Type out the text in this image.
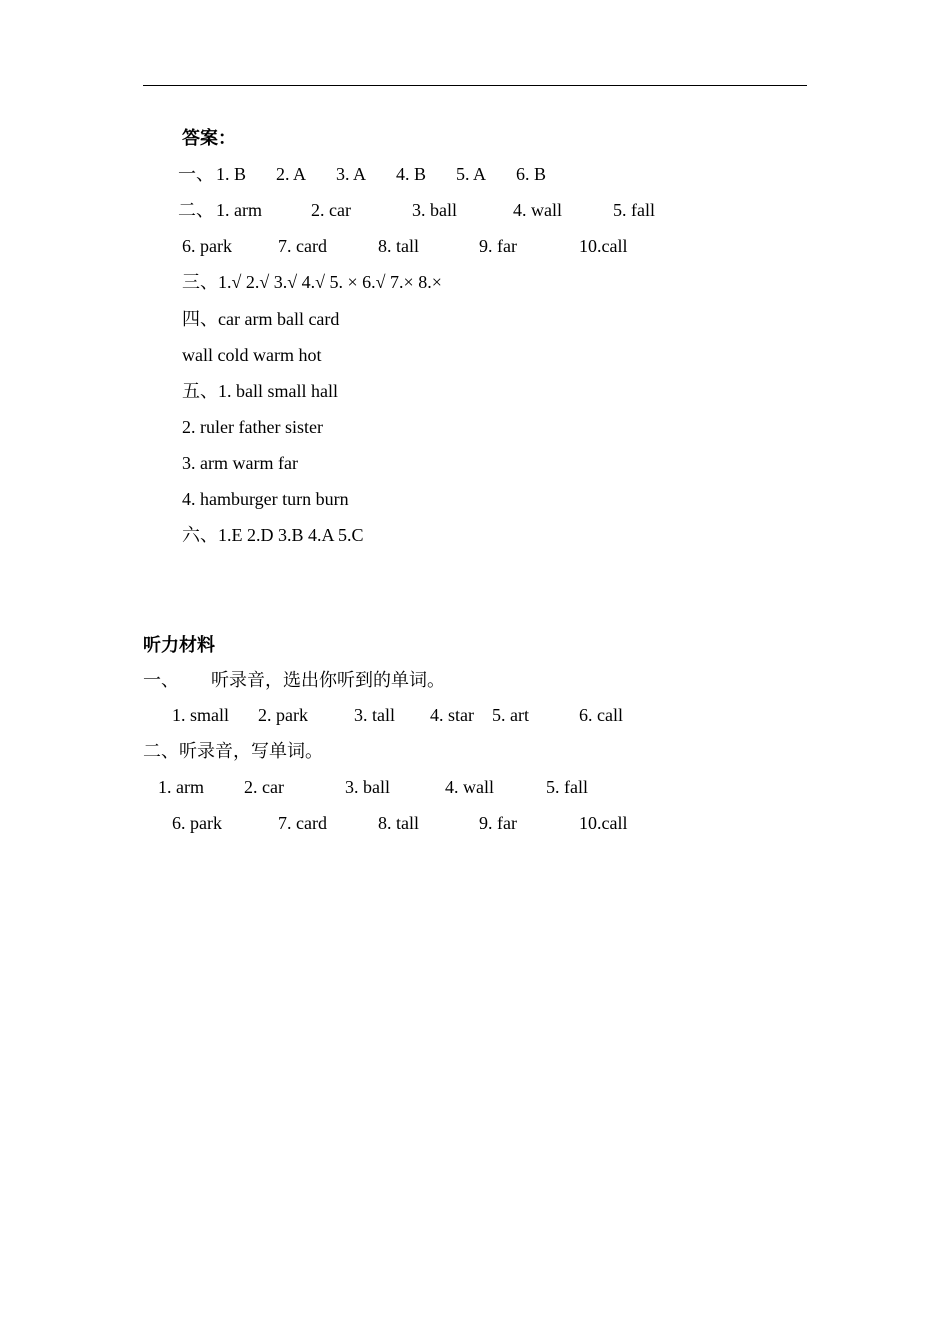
答案：
一、 1. B 2. A 3. A 4. B 5. A 6. B
二、 1. arm	2. car	3. ball	4. wall	5. fall
6. park	7. card	8. tall	9. far	10.call
三、1.√ 2.√ 3.√ 4.√ 5. × 6.√ 7.× 8.×
四、car arm ball card
wall cold warm hot
五、1. ball small hall
2. ruler father sister
3. arm warm far
4. hamburger turn burn
六、1.E 2.D 3.B 4.A 5.C
听力材料
一、 听录音，选出你听到的单词。
1. small 2. park	3. tall 4. star 5. art	6. call
二、听录音，写单词。
1. arm 2. car	3. ball	4. wall	5. fall
6. park	7. card	8. tall	9. far	10.call
